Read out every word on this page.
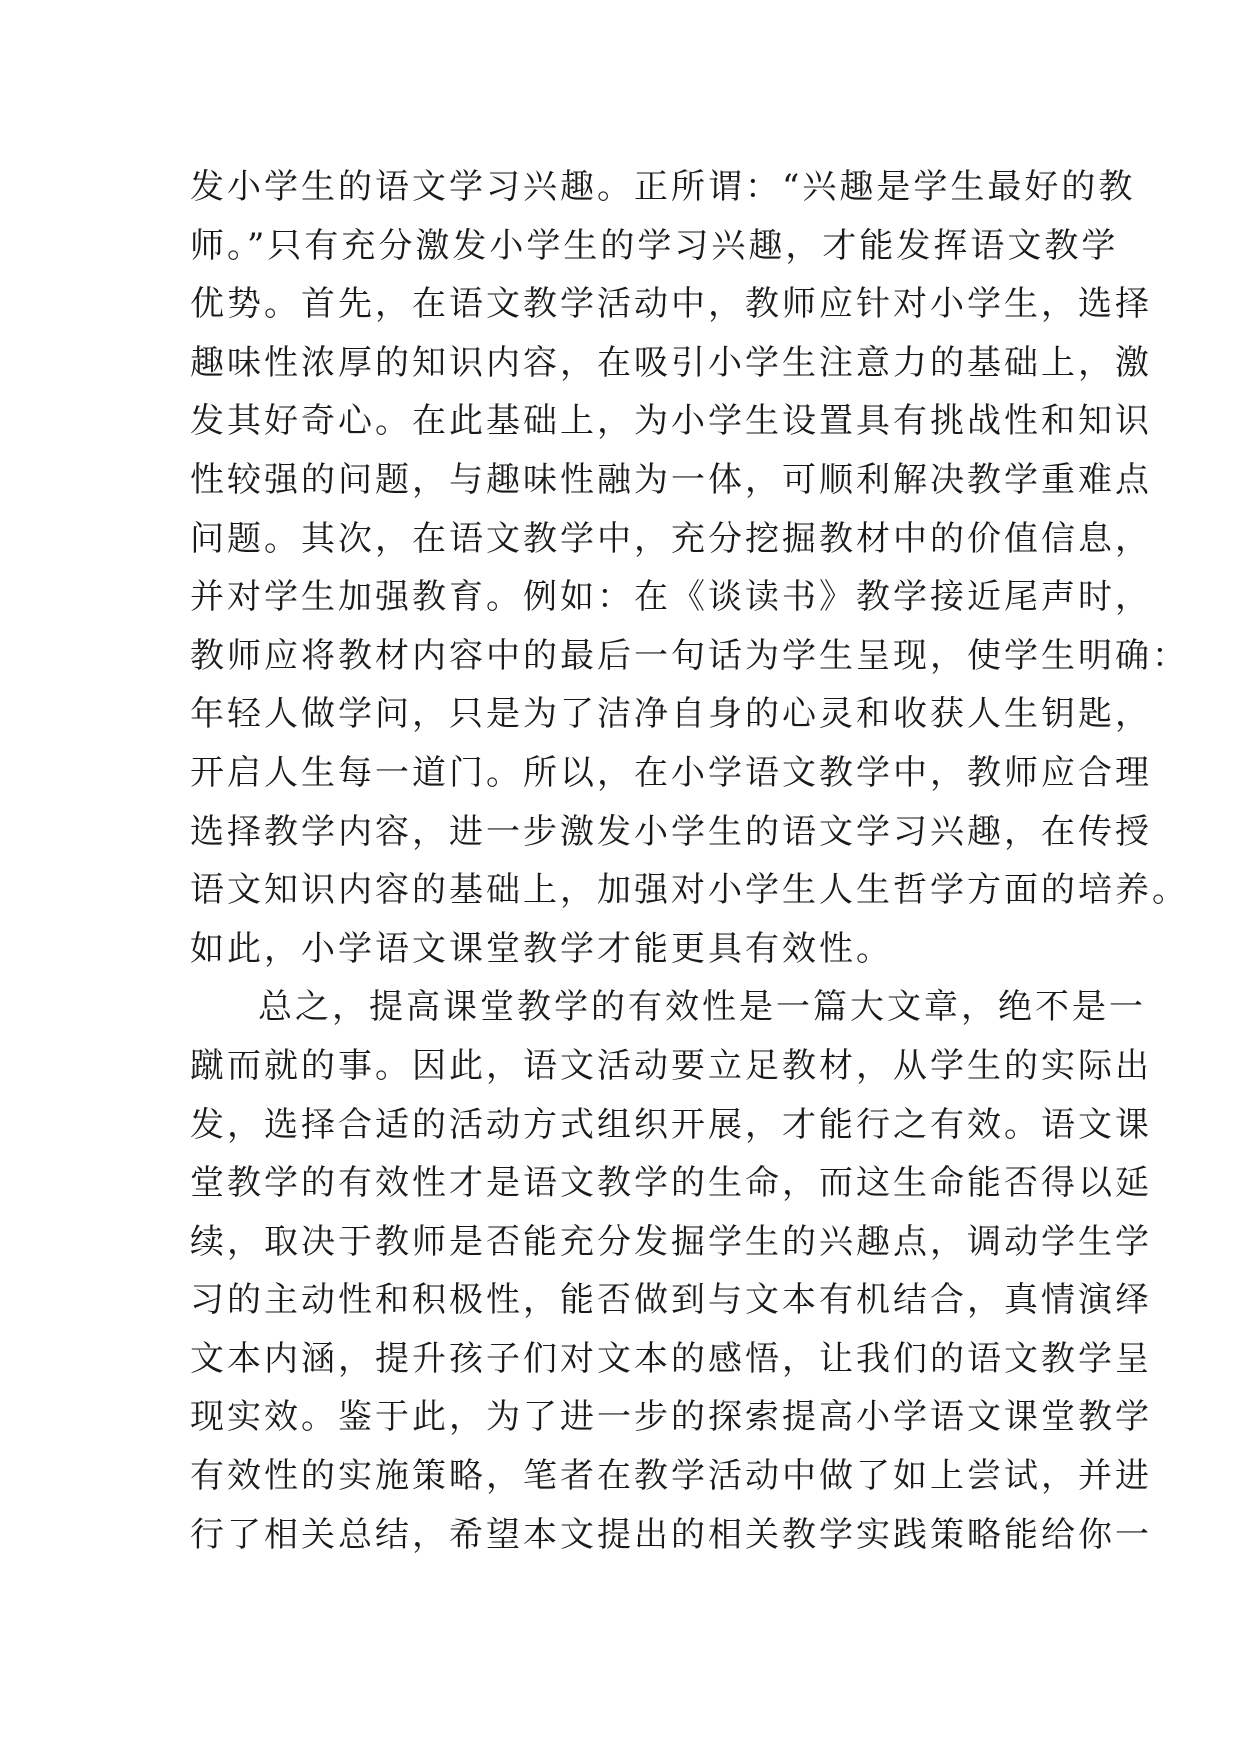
发小学生的语文学习兴趣。正所谓：“兴趣是学生最好的教
师。”只有充分激发小学生的学习兴趣，才能发挥语文教学
优势。首先，在语文教学活动中，教师应针对小学生，选择
趣味性浓厚的知识内容，在吸引小学生注意力的基础上，激
发其好奇心。在此基础上，为小学生设置具有挑战性和知识
性较强的问题，与趣味性融为一体，可顺利解决教学重难点
问题。其次，在语文教学中，充分挖掘教材中的价值信息，
并对学生加强教育。例如：在《谈读书》教学接近尾声时，
教师应将教材内容中的最后一句话为学生呈现，使学生明确：
年轻人做学问，只是为了洁净自身的心灵和收获人生钥匙，
开启人生每一道门。所以，在小学语文教学中，教师应合理
选择教学内容，进一步激发小学生的语文学习兴趣，在传授
语文知识内容的基础上，加强对小学生人生哲学方面的培养。
如此，小学语文课堂教学才能更具有效性。
总之，提高课堂教学的有效性是一篇大文章，绝不是一
蹴而就的事。因此，语文活动要立足教材，从学生的实际出
发，选择合适的活动方式组织开展，才能行之有效。语文课
堂教学的有效性才是语文教学的生命，而这生命能否得以延
续，取决于教师是否能充分发掘学生的兴趣点，调动学生学
习的主动性和积极性，能否做到与文本有机结合，真情演绎
文本内涵，提升孩子们对文本的感悟，让我们的语文教学呈
现实效。鉴于此，为了进一步的探索提高小学语文课堂教学
有效性的实施策略，笔者在教学活动中做了如上尝试，并进
行了相关总结，希望本文提出的相关教学实践策略能给你一
